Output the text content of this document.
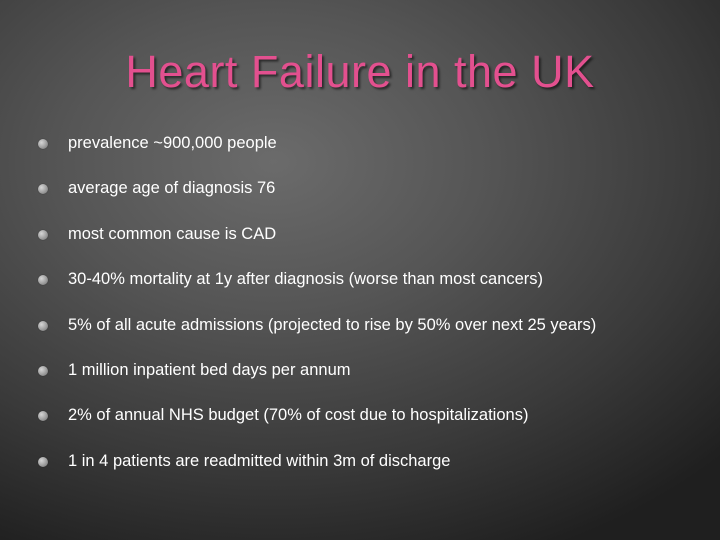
Heart Failure in the UK
prevalence ~900,000 people
average age of diagnosis 76
most common cause is CAD
30-40% mortality at 1y after diagnosis (worse than most cancers)
5% of all acute admissions (projected to rise by 50% over next 25 years)
1 million inpatient bed days per annum
2% of annual NHS budget (70% of cost due to hospitalizations)
1 in 4 patients are readmitted within 3m of discharge
